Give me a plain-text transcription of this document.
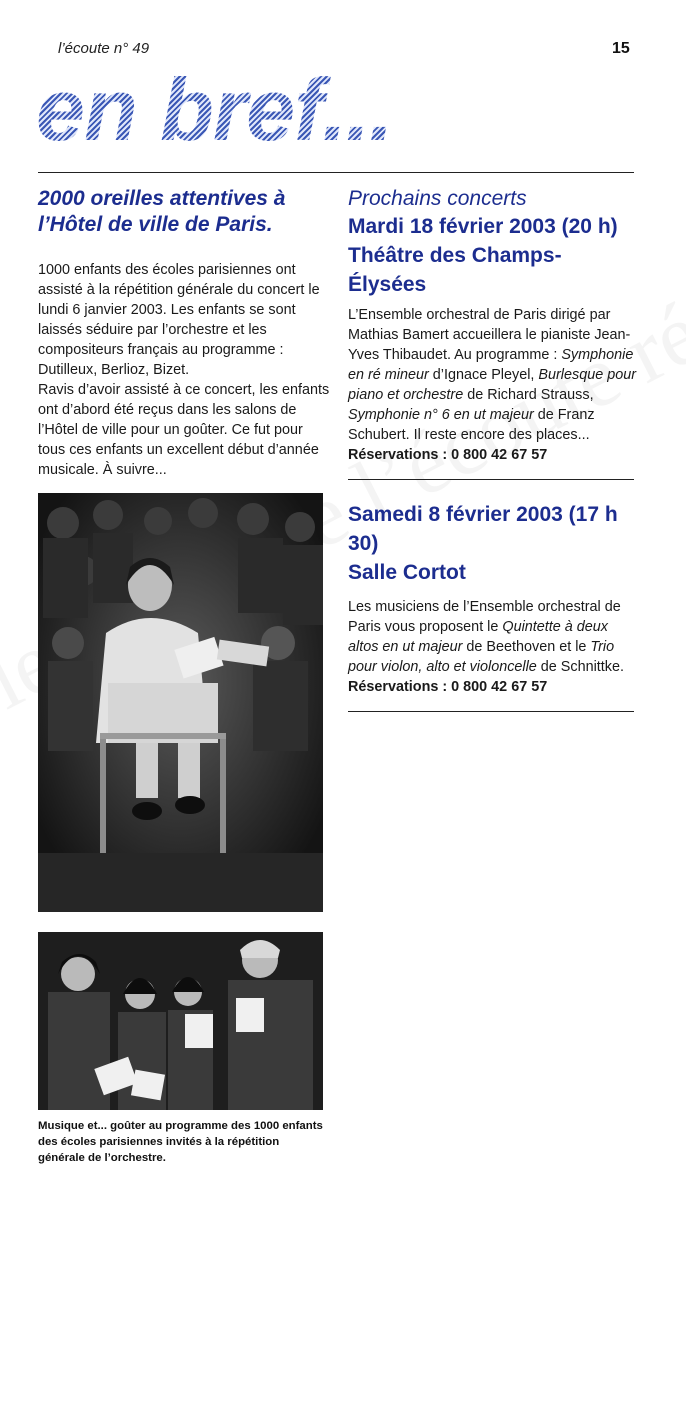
l’écoute n° 49	15
en bref...
2000 oreilles attentives à
l’Hôtel de ville de Paris.

1000 enfants des écoles parisiennes ont assisté à la répétition générale du concert le lundi 6 janvier 2003. Les enfants se sont laissés séduire par l’orchestre et les compositeurs français au programme : Dutilleux, Berlioz, Bizet.

Ravis d’avoir assisté à ce concert, les enfants ont d’abord été reçus dans les salons de l’Hôtel de ville pour un goûter. Ce fut pour tous ces enfants un excellent début d’année musicale. À suivre...

Musique et... goûter au programme des 1000 enfants des écoles parisiennes invités à la répétition générale de l’orchestre.

Prochains concerts

Mardi 18 février 2003 (20 h)
Théâtre des Champs-Élysées

L’Ensemble orchestral de Paris dirigé par Mathias Bamert accueillera le pianiste Jean-Yves Thibaudet. Au programme : Symphonie en ré mineur d’Ignace Pleyel, Burlesque pour piano et orchestre de Richard Strauss, Symphonie n° 6 en ut majeur de Franz Schubert. Il reste encore des places...

Réservations : 0 800 42 67 57

Samedi 8 février 2003 (17 h 30)
Salle Cortot

Les musiciens de l’Ensemble orchestral de Paris vous proposent le Quintette à deux altos en ut majeur de Beethoven et le Trio pour violon, alto et violoncelle de Schnittke.

Réservations : 0 800 42 67 57
